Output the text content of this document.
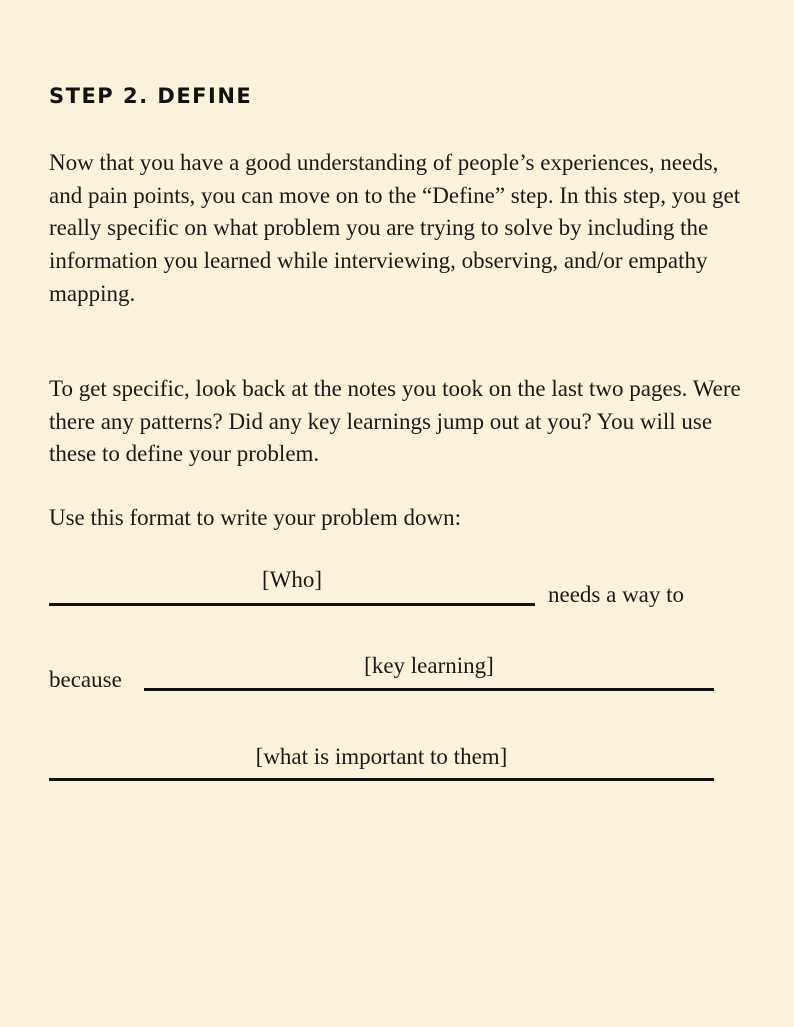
STEP 2. DEFINE

Now that you have a good understanding of people’s experiences, needs, and pain points, you can move on to the “Define” step. In this step, you get really specific on what problem you are trying to solve by including the information you learned while interviewing, observing, and/or empathy mapping.

To get specific, look back at the notes you took on the last two pages. Were there any patterns? Did any key learnings jump out at you? You will use these to define your problem.

Use this format to write your problem down:

[Who]
needs a way to
because
[key learning]
[what is important to them]
